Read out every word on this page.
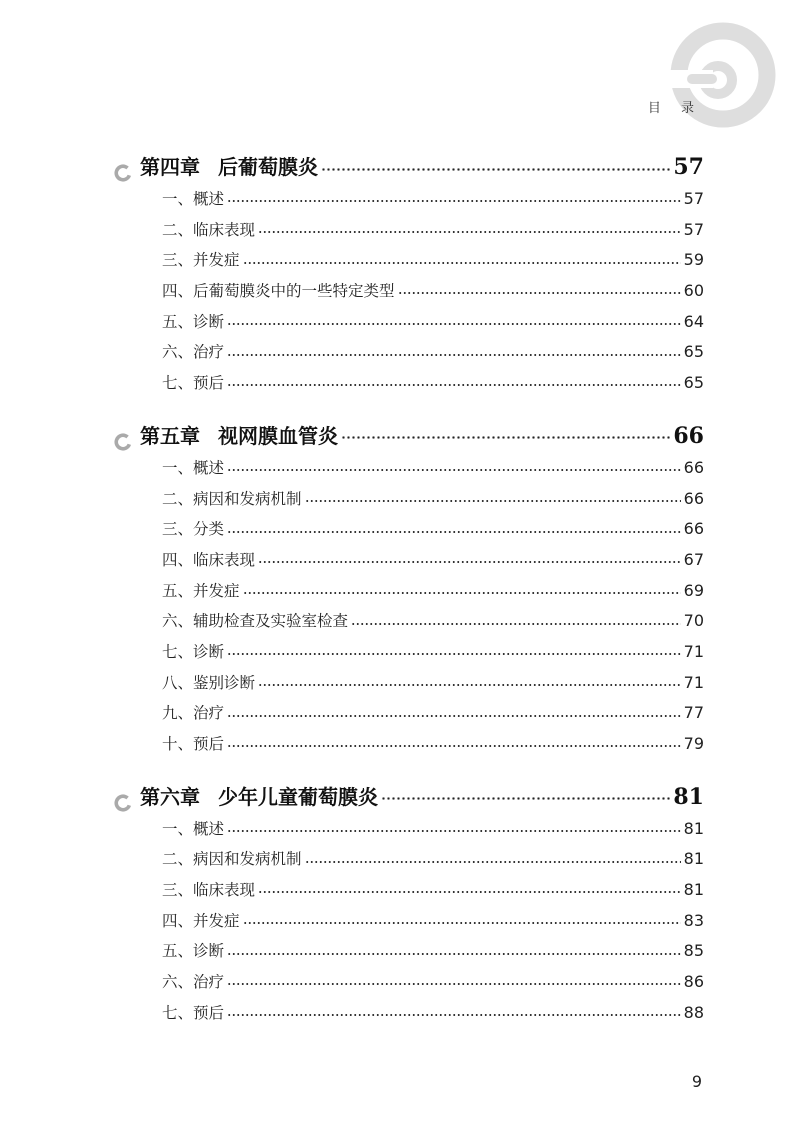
目 录
第四章 后葡萄膜炎	57
一、概述	57
二、临床表现	57
三、并发症	59
四、后葡萄膜炎中的一些特定类型	60
五、诊断	64
六、治疗	65
七、预后	65
第五章 视网膜血管炎	66
一、概述	66
二、病因和发病机制	66
三、分类	66
四、临床表现	67
五、并发症	69
六、辅助检查及实验室检查	70
七、诊断	71
八、鉴别诊断	71
九、治疗	77
十、预后	79
第六章 少年儿童葡萄膜炎	81
一、概述	81
二、病因和发病机制	81
三、临床表现	81
四、并发症	83
五、诊断	85
六、治疗	86
七、预后	88
9
